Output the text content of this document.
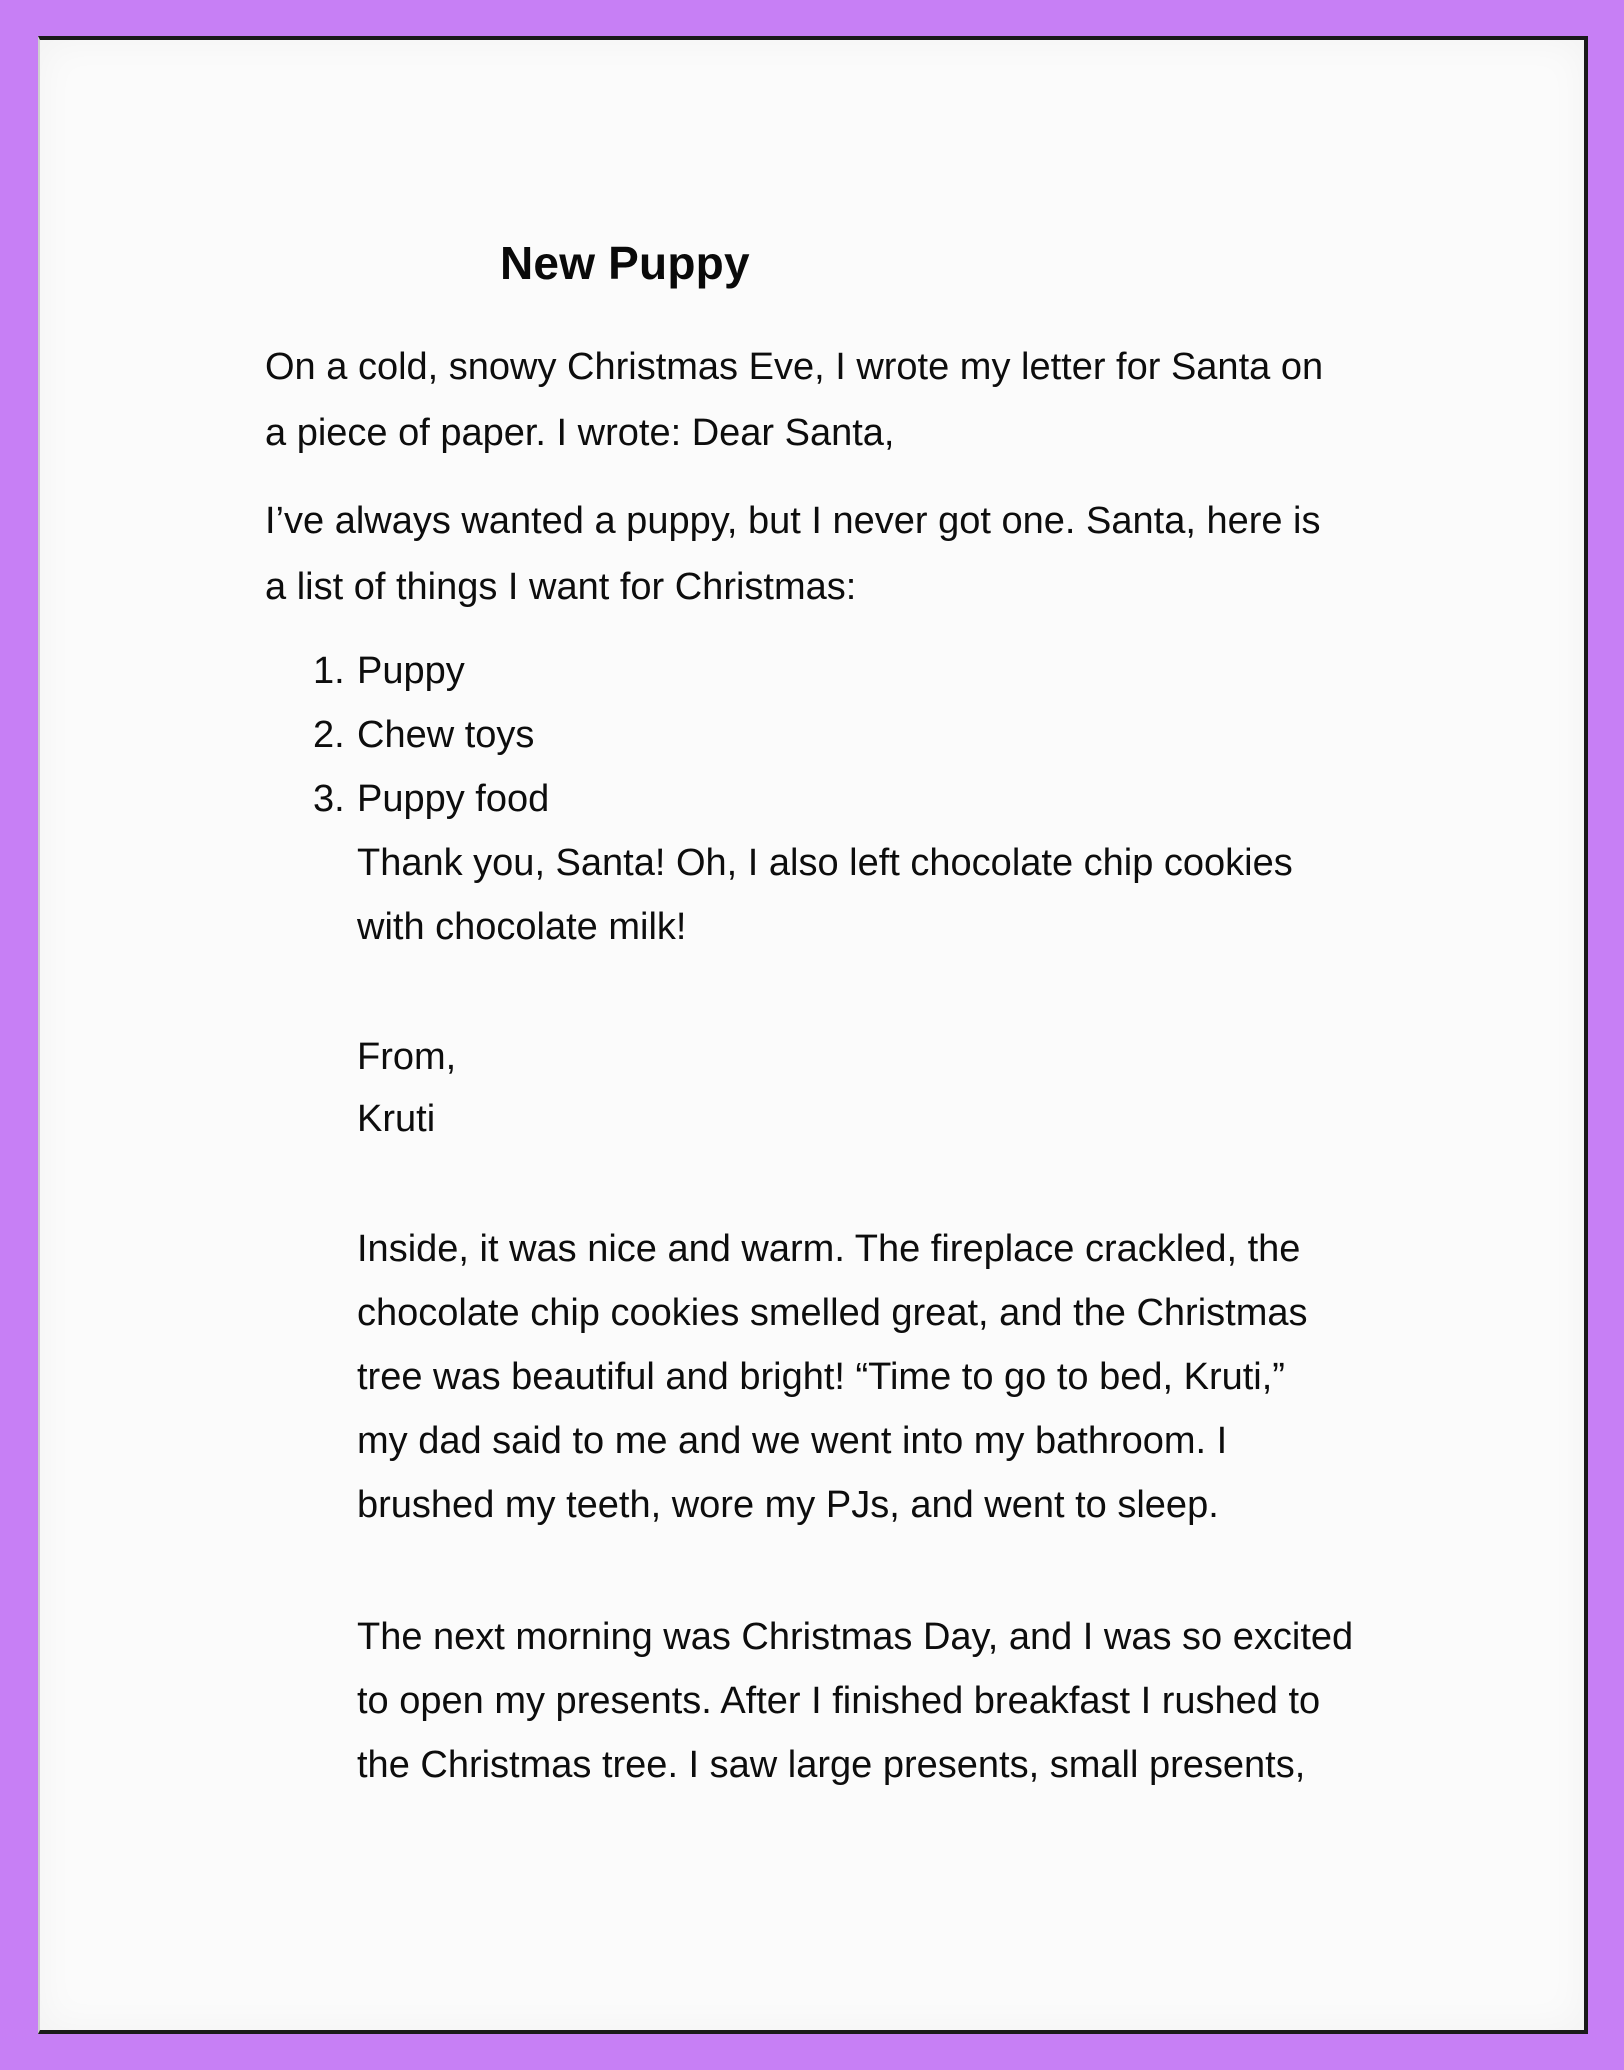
New Puppy
On a cold, snowy Christmas Eve, I wrote my letter for Santa on
a piece of paper. I wrote: Dear Santa,
I’ve always wanted a puppy, but I never got one. Santa, here is
a list of things I want for Christmas:
1. Puppy
2. Chew toys
3. Puppy food
Thank you, Santa! Oh, I also left chocolate chip cookies
with chocolate milk!
From,
Kruti
Inside, it was nice and warm. The fireplace crackled, the
chocolate chip cookies smelled great, and the Christmas
tree was beautiful and bright! “Time to go to bed, Kruti,”
my dad said to me and we went into my bathroom. I
brushed my teeth, wore my PJs, and went to sleep.
The next morning was Christmas Day, and I was so excited
to open my presents. After I finished breakfast I rushed to
the Christmas tree. I saw large presents, small presents,
